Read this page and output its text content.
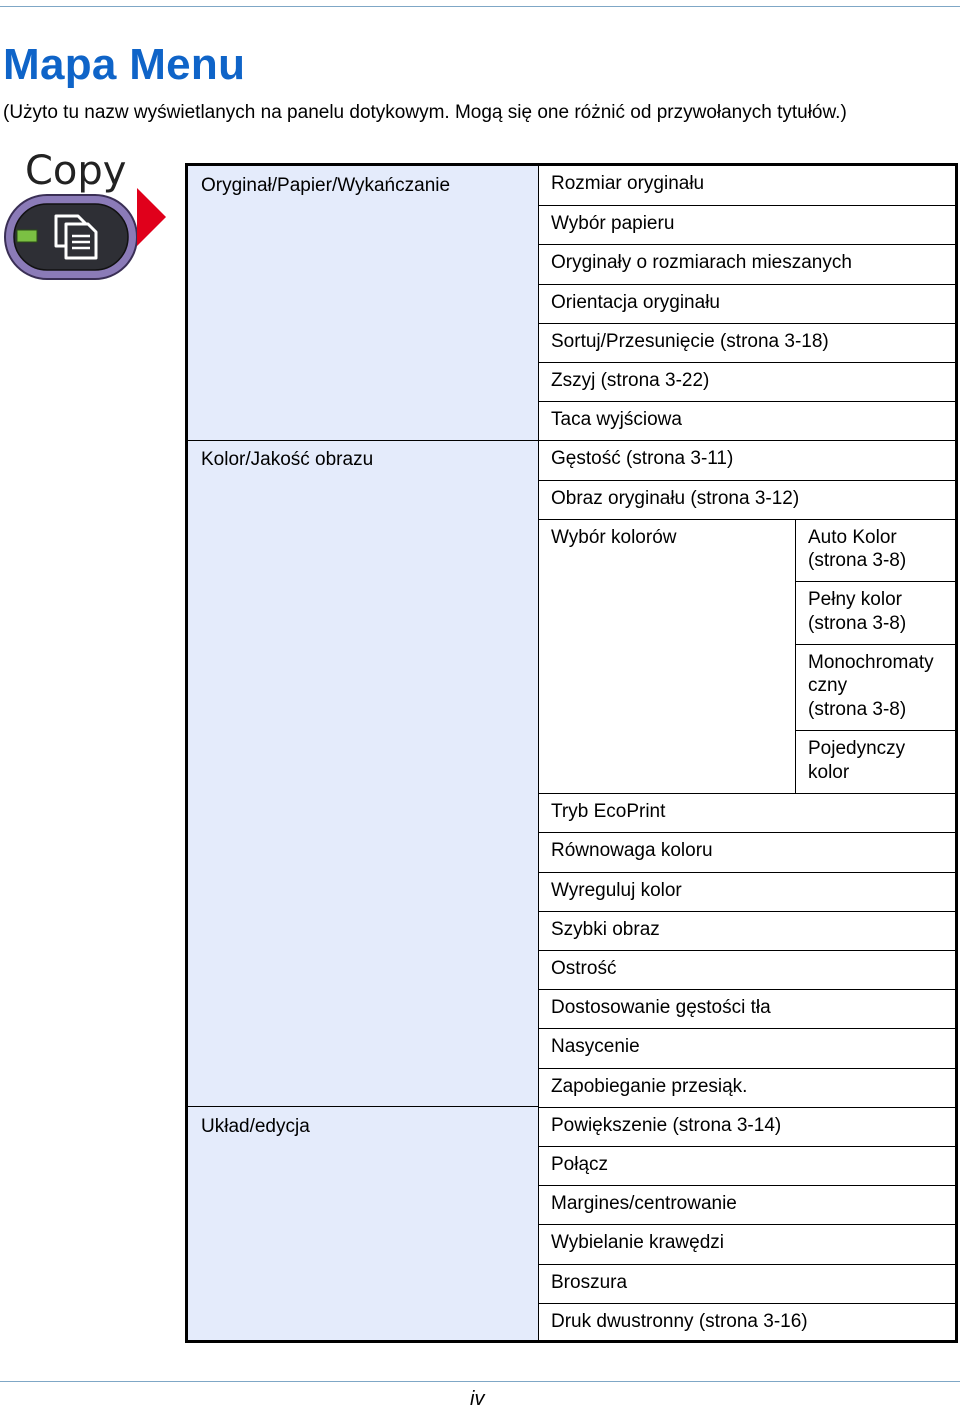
Mapa Menu
(Użyto tu nazw wyświetlanych na panelu dotykowym. Mogą się one różnić od przywołanych tytułów.)
Copy	Oryginał/Papier/Wykańczanie
Kolor/Jakość obrazu
Układ/edycja
Rozmiar oryginału
Wybór papieru
Oryginały o rozmiarach mieszanych
Orientacja oryginału
Sortuj/Przesunięcie (strona 3-18)
Zszyj (strona 3-22)
Taca wyjściowa
Gęstość (strona 3-11)
Obraz oryginału (strona 3-12)
Wybór kolorów
Tryb EcoPrint
Równowaga koloru
Wyreguluj kolor
Szybki obraz
Ostrość
Dostosowanie gęstości tła
Nasycenie
Zapobieganie przesiąk.
Powiększenie (strona 3-14)
Połącz
Margines/centrowanie
Wybielanie krawędzi
Broszura
Druk dwustronny (strona 3-16)
Auto Kolor
(strona 3-8)
Pełny kolor
(strona 3-8)
Monochromaty
czny
(strona 3-8)
Pojedynczy
kolor
iv
